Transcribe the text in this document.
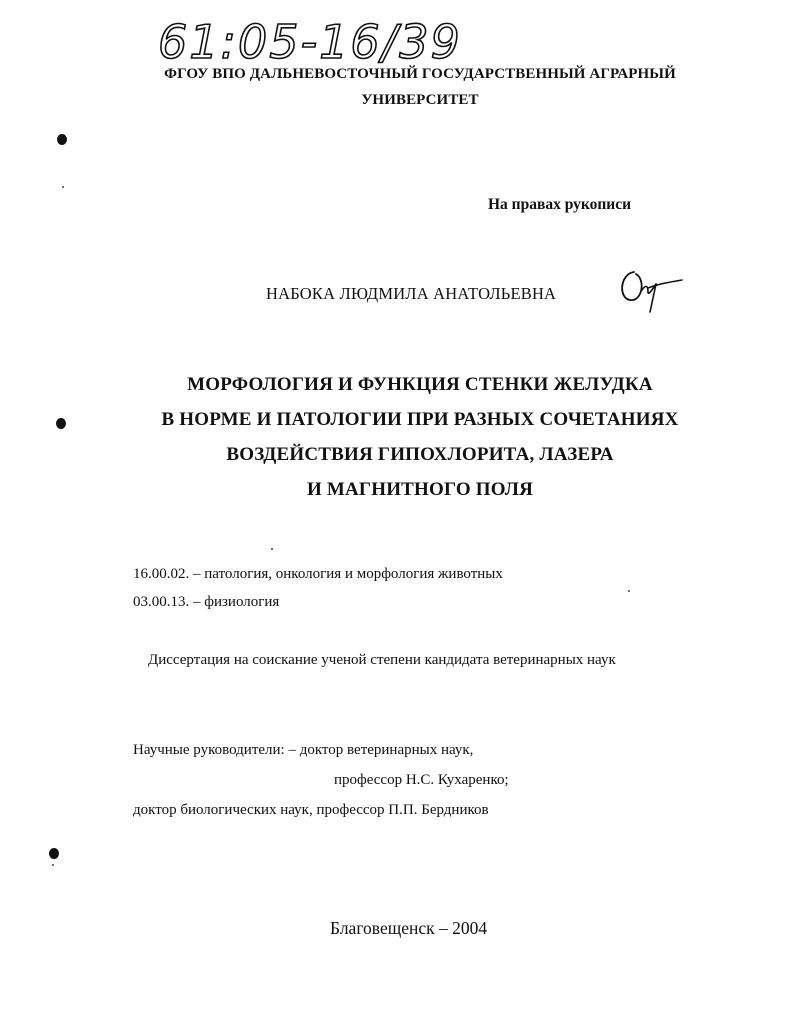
61:05-16/39
ФГОУ ВПО ДАЛЬНЕВОСТОЧНЫЙ ГОСУДАРСТВЕННЫЙ АГРАРНЫЙ
УНИВЕРСИТЕТ
На правах рукописи
НАБОКА ЛЮДМИЛА АНАТОЛЬЕВНА
МОРФОЛОГИЯ И ФУНКЦИЯ СТЕНКИ ЖЕЛУДКА
В НОРМЕ И ПАТОЛОГИИ ПРИ РАЗНЫХ СОЧЕТАНИЯХ
ВОЗДЕЙСТВИЯ ГИПОХЛОРИТА, ЛАЗЕРА
И МАГНИТНОГО ПОЛЯ
16.00.02. – патология, онкология и морфология животных
03.00.13. – физиология
Диссертация на соискание ученой степени кандидата ветеринарных наук
Научные руководители: – доктор ветеринарных наук,
профессор Н.С. Кухаренко;
доктор биологических наук, профессор П.П. Бердников
Благовещенск – 2004
